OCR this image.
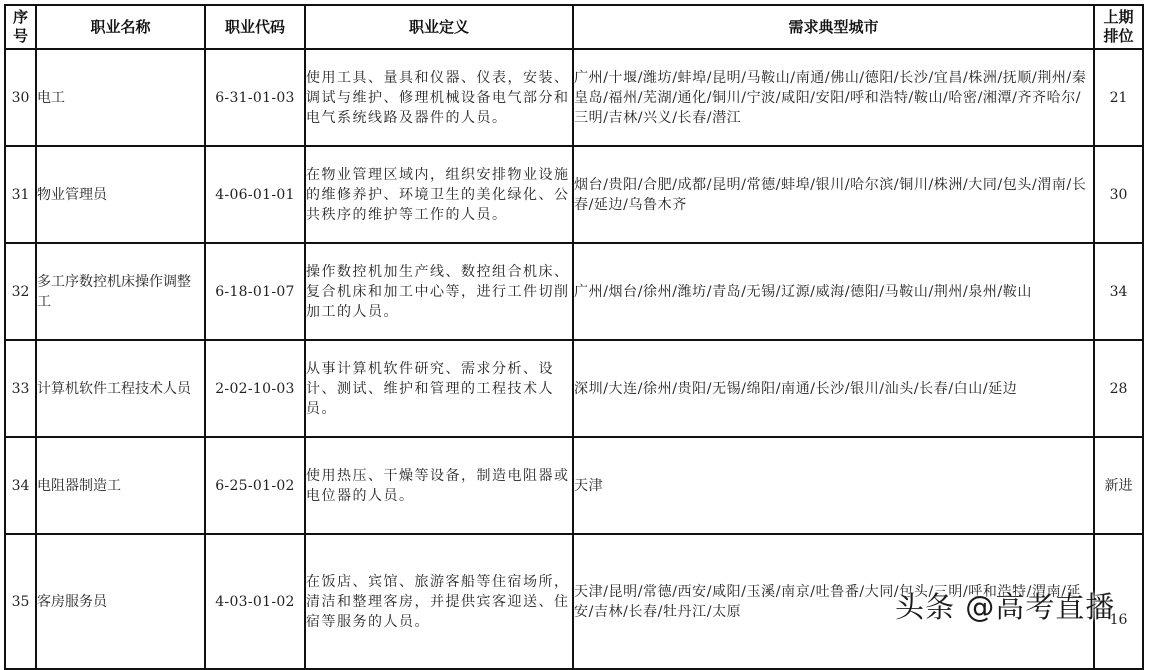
序号	职业名称	职业代码	职业定义	需求典型城市	上期排位
30	电工	6-31-01-03	使用工具、量具和仪器、仪表，安装、调试与维护、修理机械设备电气部分和电气系统线路及器件的人员。	广州/十堰/潍坊/蚌埠/昆明/马鞍山/南通/佛山/德阳/长沙/宜昌/株洲/抚顺/荆州/秦皇岛/福州/芜湖/通化/铜川/宁波/咸阳/安阳/呼和浩特/鞍山/哈密/湘潭/齐齐哈尔/三明/吉林/兴义/长春/潜江	21
31	物业管理员	4-06-01-01	在物业管理区域内，组织安排物业设施的维修养护、环境卫生的美化绿化、公共秩序的维护等工作的人员。	烟台/贵阳/合肥/成都/昆明/常德/蚌埠/银川/哈尔滨/铜川/株洲/大同/包头/渭南/长春/延边/乌鲁木齐	30
32	多工序数控机床操作调整工	6-18-01-07	操作数控机加生产线、数控组合机床、复合机床和加工中心等，进行工件切削加工的人员。	广州/烟台/徐州/潍坊/青岛/无锡/辽源/威海/德阳/马鞍山/荆州/泉州/鞍山	34
33	计算机软件工程技术人员	2-02-10-03	从事计算机软件研究、需求分析、设计、测试、维护和管理的工程技术人员。	深圳/大连/徐州/贵阳/无锡/绵阳/南通/长沙/银川/汕头/长春/白山/延边	28
34	电阻器制造工	6-25-01-02	使用热压、干燥等设备，制造电阻器或电位器的人员。	天津	新进
35	客房服务员	4-03-01-02	在饭店、宾馆、旅游客船等住宿场所，清洁和整理客房，并提供宾客迎送、住宿等服务的人员。	天津/昆明/常德/西安/咸阳/玉溪/南京/吐鲁番/大同/包头/三明/呼和浩特/渭南/延安/吉林/长春/牡丹江/太原	16
头条 @高考直播
